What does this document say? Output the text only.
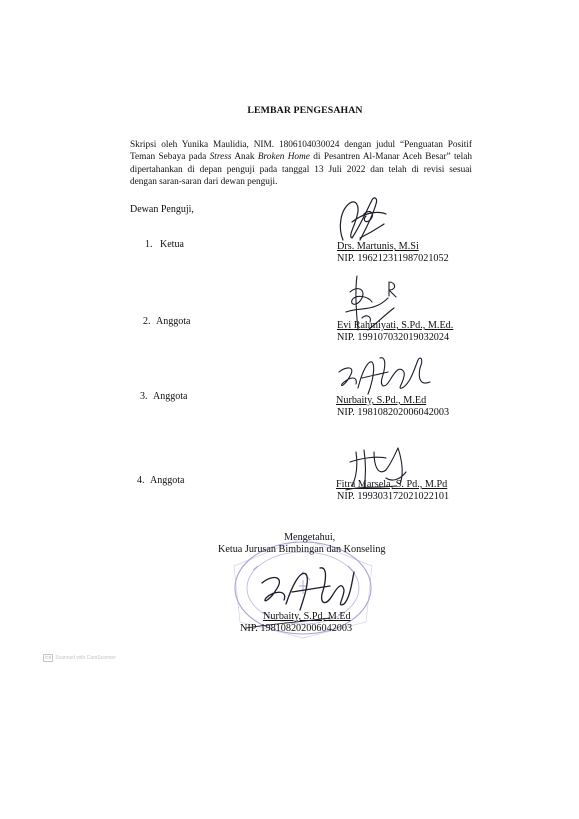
LEMBAR PENGESAHAN
Skripsi oleh Yunika Maulidia, NIM. 1806104030024 dengan judul “Penguatan Positif
Teman Sebaya pada Stress Anak Broken Home di Pesantren Al-Manar Aceh Besar” telah
dipertahankan di depan penguji pada tanggal 13 Juli 2022 dan telah di revisi sesuai
dengan saran-saran dari dewan penguji.
Dewan Penguji,
1. Ketua	Drs. Martunis, M.Si
NIP. 196212311987021052
2. Anggota	Evi Rahmiyati, S.Pd., M.Ed.
NIP. 199107032019032024
3. Anggota	Nurbaity, S.Pd., M.Ed
NIP. 198108202006042003
4. Anggota	Fitra Marsela, S. Pd., M.Pd
NIP. 199303172021022101
Mengetahui,
Ketua Jurusan Bimbingan dan Konseling
Nurbaity, S.Pd, M.Ed
NIP. 198108202006042003
CS Scanned with CamScanner
